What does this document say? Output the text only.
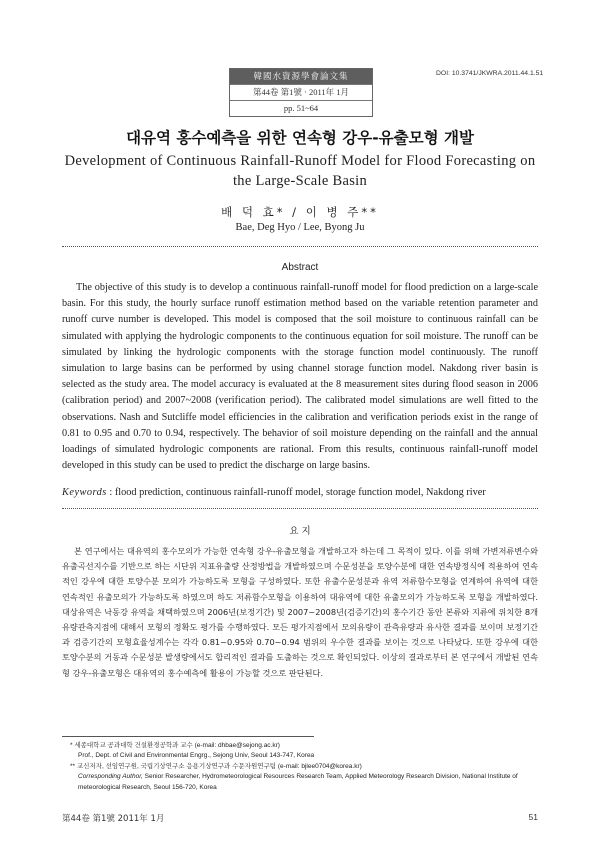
韓國水資源學會論文集
第44卷 第1號 · 2011年 1月
pp. 51~64
DOI: 10.3741/JKWRA.2011.44.1.51
대유역 홍수예측을 위한 연속형 강우-유출모형 개발
Development of Continuous Rainfall-Runoff Model for Flood Forecasting on the Large-Scale Basin
배 덕 효* / 이 병 주**
Bae, Deg Hyo / Lee, Byong Ju
Abstract

The objective of this study is to develop a continuous rainfall-runoff model for flood prediction on a large-scale basin. For this study, the hourly surface runoff estimation method based on the variable retention parameter and runoff curve number is developed. This model is composed that the soil moisture to continuous rainfall can be simulated with applying the hydrologic components to the continuous equation for soil moisture. The runoff can be simulated by linking the hydrologic components with the storage function model continuously. The runoff simulation to large basins can be performed by using channel storage function model. Nakdong river basin is selected as the study area. The model accuracy is evaluated at the 8 measurement sites during flood season in 2006 (calibration period) and 2007~2008 (verification period). The calibrated model simulations are well fitted to the observations. Nash and Sutcliffe model efficiencies in the calibration and verification periods exist in the range of 0.81 to 0.95 and 0.70 to 0.94, respectively. The behavior of soil moisture depending on the rainfall and the annual loadings of simulated hydrologic components are rational. From this results, continuous rainfall-runoff model developed in this study can be used to predict the discharge on large basins.

Keywords : flood prediction, continuous rainfall-runoff model, storage function model, Nakdong river
요 지

본 연구에서는 대유역의 홍수모의가 가능한 연속형 강우-유출모형을 개발하고자 하는데 그 목적이 있다. 이를 위해 가변저류변수와 유출곡선지수를 기반으로 하는 시단위 지표유출량 산정방법을 개발하였으며 수문성분을 토양수분에 대한 연속방정식에 적용하여 연속적인 강우에 대한 토양수분 모의가 가능하도록 모형을 구성하였다. 또한 유출수문성분과 유역 저류함수모형을 연계하여 유역에 대한 연속적인 유출모의가 가능하도록 하였으며 하도 저류함수모형을 이용하여 대유역에 대한 유출모의가 가능하도록 모형을 개발하였다. 대상유역은 낙동강 유역을 채택하였으며 2006년(보정기간) 및 2007~2008년(검증기간)의 홍수기간 동안 본류와 지류에 위치한 8개 유량관측지점에 대해서 모형의 정확도 평가를 수행하였다. 모든 평가지점에서 모의유량이 관측유량과 유사한 결과를 보이며 보정기간과 검증기간의 모형효율성계수는 각각 0.81~0.95와 0.70~0.94 범위의 우수한 결과를 보이는 것으로 나타났다. 또한 강우에 대한 토양수분의 거동과 수문성분 발생량에서도 합리적인 결과를 도출하는 것으로 확인되었다. 이상의 결과로부터 본 연구에서 개발된 연속형 강우-유출모형은 대유역의 홍수예측에 활용이 가능할 것으로 판단된다.

* 세종대학교 공과대학 건설환경공학과 교수 (e-mail: dhbae@sejong.ac.kr)
Prof., Dept. of Civil and Environmental Engrg., Sejong Univ, Seoul 143-747, Korea
** 교신저자, 선임연구원, 국립기상연구소 응용기상연구과 수문자원연구팀 (e-mail: bjlee0704@korea.kr)
Corresponding Author, Senior Researcher, Hydrometeorological Resources Research Team, Applied Meteorology Research Division, National Institute of meteorological Research, Seoul 156-720, Korea
第44卷 第1號 2011年 1月	51
